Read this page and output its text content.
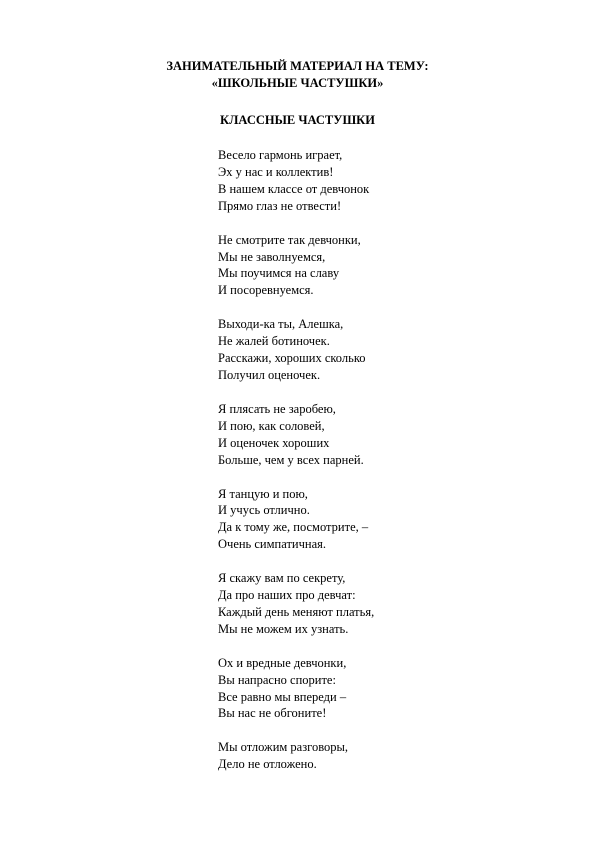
ЗАНИМАТЕЛЬНЫЙ МАТЕРИАЛ НА ТЕМУ:
«ШКОЛЬНЫЕ ЧАСТУШКИ»
КЛАССНЫЕ ЧАСТУШКИ
Весело гармонь играет,
Эх у нас и коллектив!
В нашем классе от девчонок
Прямо глаз не отвести!
Не смотрите так девчонки,
Мы не заволнуемся,
Мы поучимся на славу
И посоревнуемся.
Выходи-ка ты, Алешка,
Не жалей ботиночек.
Расскажи, хороших сколько
Получил оценочек.
Я плясать не заробею,
И пою, как соловей,
И оценочек хороших
Больше, чем у всех парней.
Я танцую и пою,
И учусь отлично.
Да к тому же, посмотрите, –
Очень симпатичная.
Я скажу вам по секрету,
Да про наших про девчат:
Каждый день меняют платья,
Мы не можем их узнать.
Ох и вредные девчонки,
Вы напрасно спорите:
Все равно мы впереди –
Вы нас не обгоните!
Мы отложим разговоры,
Дело не отложено.
